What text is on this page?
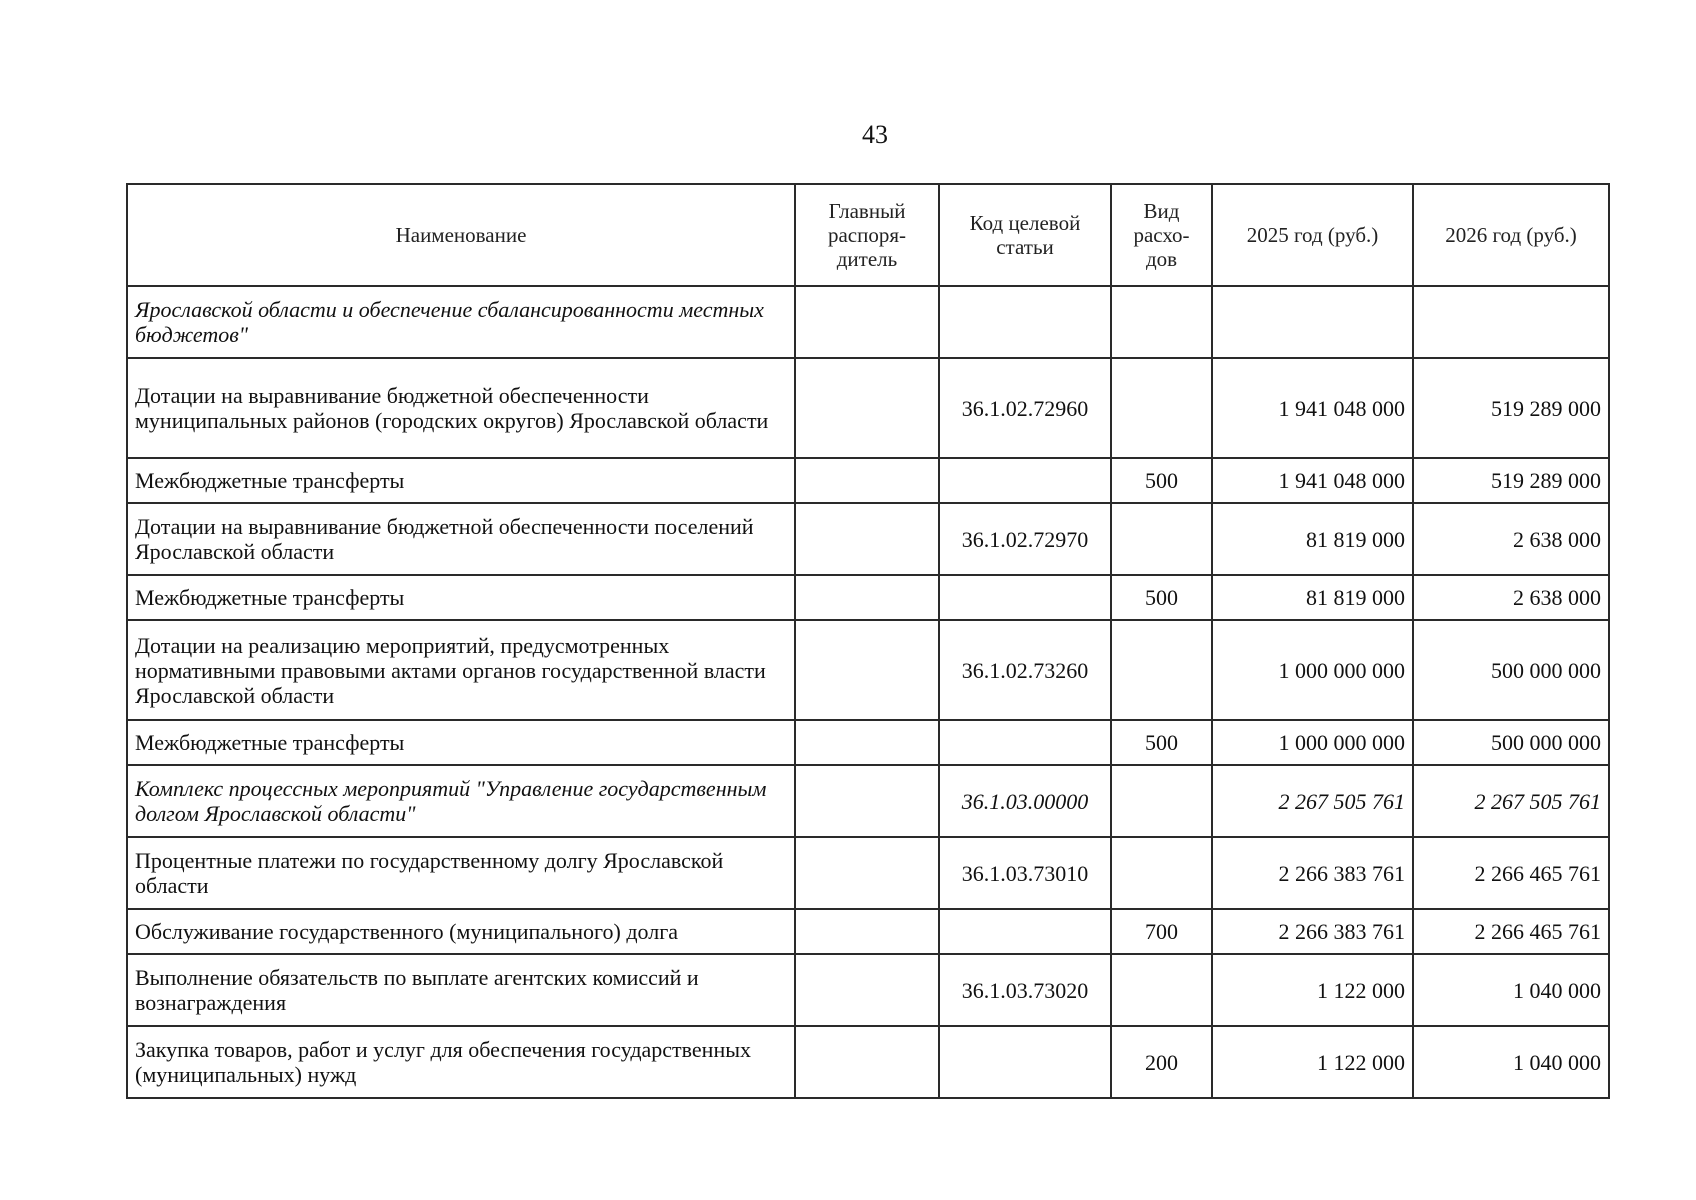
43
Наименование	Главный распоря-дитель	Код целевой статьи	Вид расхо-дов	2025 год (руб.)	2026 год (руб.)
Ярославской области и обеспечение сбалансированности местных бюджетов"					
Дотации на выравнивание бюджетной обеспеченности муниципальных районов (городских округов) Ярославской области		36.1.02.72960		1 941 048 000	519 289 000
Межбюджетные трансферты			500	1 941 048 000	519 289 000
Дотации на выравнивание бюджетной обеспеченности поселений Ярославской области		36.1.02.72970		81 819 000	2 638 000
Межбюджетные трансферты			500	81 819 000	2 638 000
Дотации на реализацию мероприятий, предусмотренных нормативными правовыми актами органов государственной власти Ярославской области		36.1.02.73260		1 000 000 000	500 000 000
Межбюджетные трансферты			500	1 000 000 000	500 000 000
Комплекс процессных мероприятий "Управление государственным долгом Ярославской области"		36.1.03.00000		2 267 505 761	2 267 505 761
Процентные платежи по государственному долгу Ярославской области		36.1.03.73010		2 266 383 761	2 266 465 761
Обслуживание государственного (муниципального) долга			700	2 266 383 761	2 266 465 761
Выполнение обязательств по выплате агентских комиссий и вознаграждения		36.1.03.73020		1 122 000	1 040 000
Закупка товаров, работ и услуг для обеспечения государственных (муниципальных) нужд			200	1 122 000	1 040 000
